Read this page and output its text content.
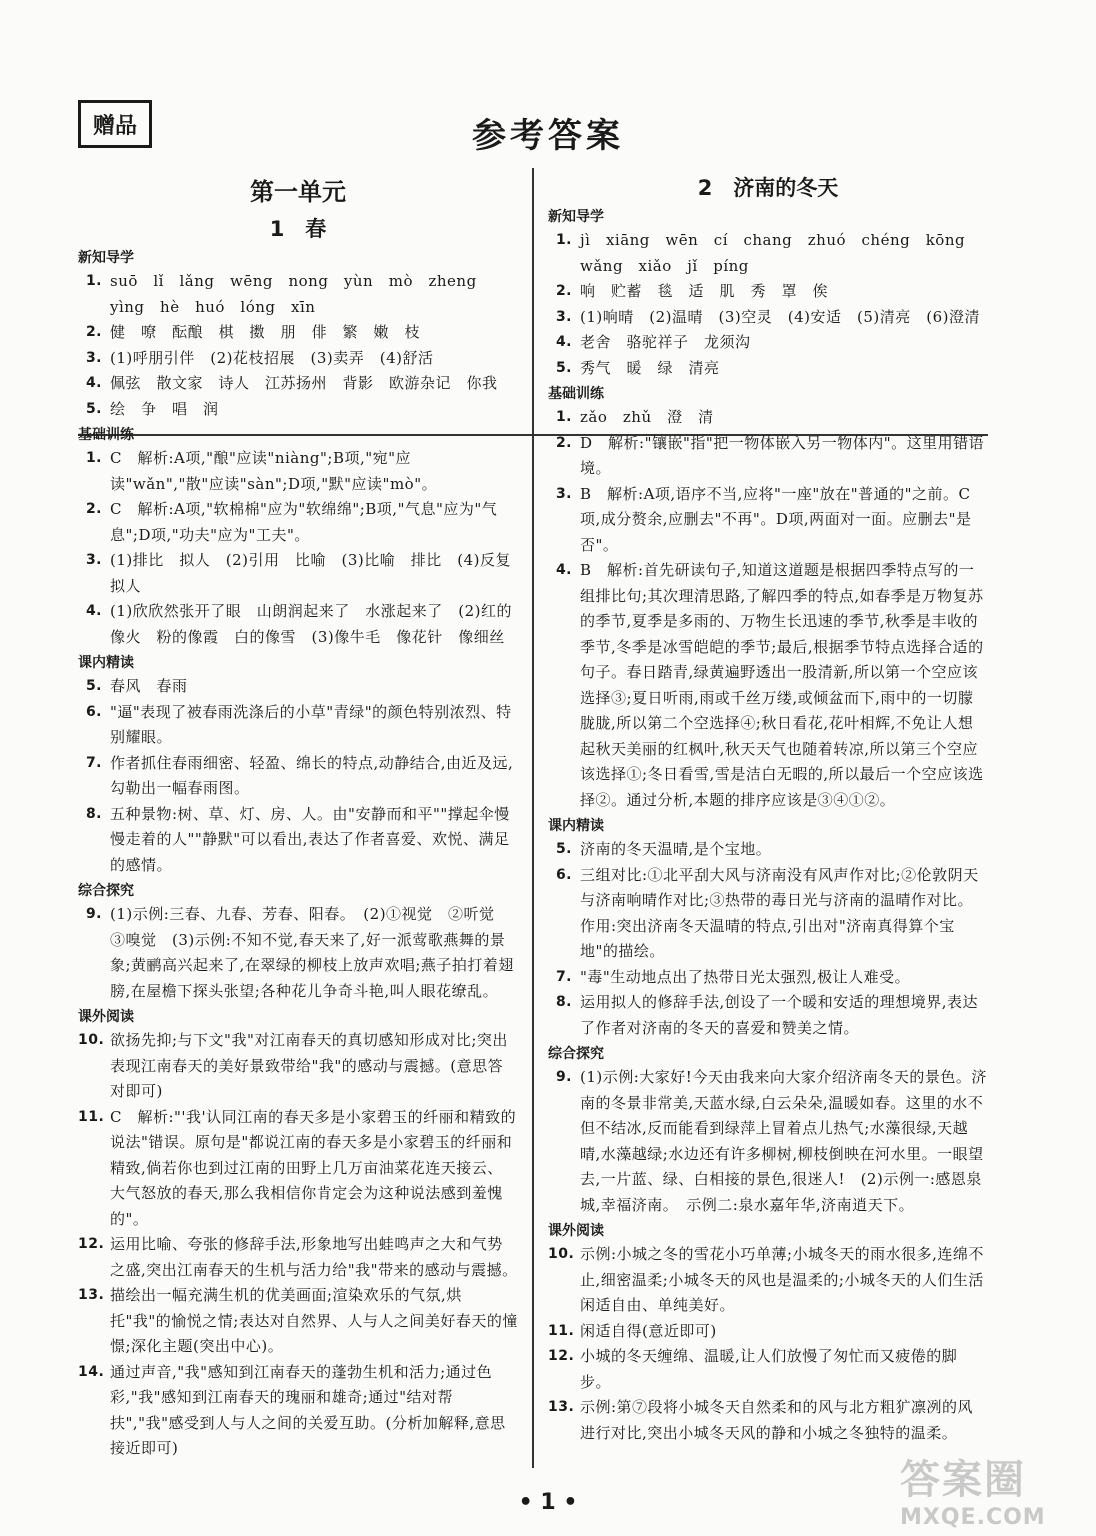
赠品	参考答案
第一单元
1　春
新知导学
1. suō　lǐ　lǎng　wēng　nong　yùn　mò　zheng　yìng　hè　huó　lóng　xīn
2. 健　嘹　酝酿　棋　擞　朋　俳　繁　嫩　枝
3. (1)呼朋引伴　(2)花枝招展　(3)卖弄　(4)舒活
4. 佩弦　散文家　诗人　江苏扬州　背影　欧游杂记　你我
5. 绘　争　唱　润
基础训练
1. C　解析:A项,"酿"应读"niàng";B项,"宛"应读"wǎn","散"应读"sàn";D项,"默"应读"mò"。
2. C　解析:A项,"软棉棉"应为"软绵绵";B项,"气息"应为"气息";D项,"功夫"应为"工夫"。
3. (1)排比　拟人　(2)引用　比喻　(3)比喻　排比　(4)反复　拟人
4. (1)欣欣然张开了眼　山朗润起来了　水涨起来了　(2)红的像火　粉的像霞　白的像雪　(3)像牛毛　像花针　像细丝
课内精读
5. 春风　春雨
6. "逼"表现了被春雨洗涤后的小草"青绿"的颜色特别浓烈、特别耀眼。
7. 作者抓住春雨细密、轻盈、绵长的特点,动静结合,由近及远,勾勒出一幅春雨图。
8. 五种景物:树、草、灯、房、人。由"安静而和平""撑起伞慢慢走着的人""静默"可以看出,表达了作者喜爱、欢悦、满足的感情。
综合探究
9. (1)示例:三春、九春、芳春、阳春。　(2)①视觉　②听觉　③嗅觉　(3)示例:不知不觉,春天来了,好一派莺歌燕舞的景象;黄鹂高兴起来了,在翠绿的柳枝上放声欢唱;燕子拍打着翅膀,在屋檐下探头张望;各种花儿争奇斗艳,叫人眼花缭乱。
课外阅读
10. 欲扬先抑;与下文"我"对江南春天的真切感知形成对比;突出表现江南春天的美好景致带给"我"的感动与震撼。(意思答对即可)
11. C　解析:"'我'认同江南的春天多是小家碧玉的纤丽和精致的说法"错误。原句是"都说江南的春天多是小家碧玉的纤丽和精致,倘若你也到过江南的田野上几万亩油菜花连天接云、大气怒放的春天,那么我相信你肯定会为这种说法感到羞愧的"。
12. 运用比喻、夸张的修辞手法,形象地写出蛙鸣声之大和气势之盛,突出江南春天的生机与活力给"我"带来的感动与震撼。
13. 描绘出一幅充满生机的优美画面;渲染欢乐的气氛,烘托"我"的愉悦之情;表达对自然界、人与人之间美好春天的憧憬;深化主题(突出中心)。
14. 通过声音,"我"感知到江南春天的蓬勃生机和活力;通过色彩,"我"感知到江南春天的瑰丽和雄奇;通过"结对帮扶","我"感受到人与人之间的关爱互助。(分析加解释,意思接近即可)
2　济南的冬天
新知导学
1. jì　xiāng　wēn　cí　chang　zhuó　chéng　kōng　wǎng　xiǎo　jǐ　píng
2. 响　贮蓄　毯　适　肌　秀　罩　俟
3. (1)响晴　(2)温晴　(3)空灵　(4)安适　(5)清亮　(6)澄清
4. 老舍　骆驼祥子　龙须沟
5. 秀气　暖　绿　清亮
基础训练
1. zǎo　zhǔ　澄　清
2. D　解析:"镶嵌"指"把一物体嵌入另一物体内"。这里用错语境。
3. B　解析:A项,语序不当,应将"一座"放在"普通的"之前。C项,成分赘余,应删去"不再"。D项,两面对一面。应删去"是否"。
4. B　解析:首先研读句子,知道这道题是根据四季特点写的一组排比句;其次理清思路,了解四季的特点,如春季是万物复苏的季节,夏季是多雨的、万物生长迅速的季节,秋季是丰收的季节,冬季是冰雪皑皑的季节;最后,根据季节特点选择合适的句子。春日踏青,绿黄遍野透出一股清新,所以第一个空应该选择③;夏日听雨,雨或千丝万缕,或倾盆而下,雨中的一切朦胧胧,所以第二个空选择④;秋日看花,花叶相辉,不免让人想起秋天美丽的红枫叶,秋天天气也随着转凉,所以第三个空应该选择①;冬日看雪,雪是洁白无暇的,所以最后一个空应该选择②。通过分析,本题的排序应该是③④①②。
课内精读
5. 济南的冬天温晴,是个宝地。
6. 三组对比:①北平刮大风与济南没有风声作对比;②伦敦阴天与济南响晴作对比;③热带的毒日光与济南的温晴作对比。作用:突出济南冬天温晴的特点,引出对"济南真得算个宝地"的描绘。
7. "毒"生动地点出了热带日光太强烈,极让人难受。
8. 运用拟人的修辞手法,创设了一个暖和安适的理想境界,表达了作者对济南的冬天的喜爱和赞美之情。
综合探究
9. (1)示例:大家好!今天由我来向大家介绍济南冬天的景色。济南的冬景非常美,天蓝水绿,白云朵朵,温暖如春。这里的水不但不结冰,反而能看到绿萍上冒着点儿热气;水藻很绿,天越晴,水藻越绿;水边还有许多柳树,柳枝倒映在河水里。一眼望去,一片蓝、绿、白相接的景色,很迷人!　(2)示例一:感恩泉城,幸福济南。　示例二:泉水嘉年华,济南逍天下。
课外阅读
10. 示例:小城之冬的雪花小巧单薄;小城冬天的雨水很多,连绵不止,细密温柔;小城冬天的风也是温柔的;小城冬天的人们生活闲适自由、单纯美好。
11. 闲适自得(意近即可)
12. 小城的冬天缠绵、温暖,让人们放慢了匆忙而又疲倦的脚步。
13. 示例:第⑦段将小城冬天自然柔和的风与北方粗犷凛冽的风进行对比,突出小城冬天风的静和小城之冬独特的温柔。
• 1 •	答案圈
MXQE.COM
